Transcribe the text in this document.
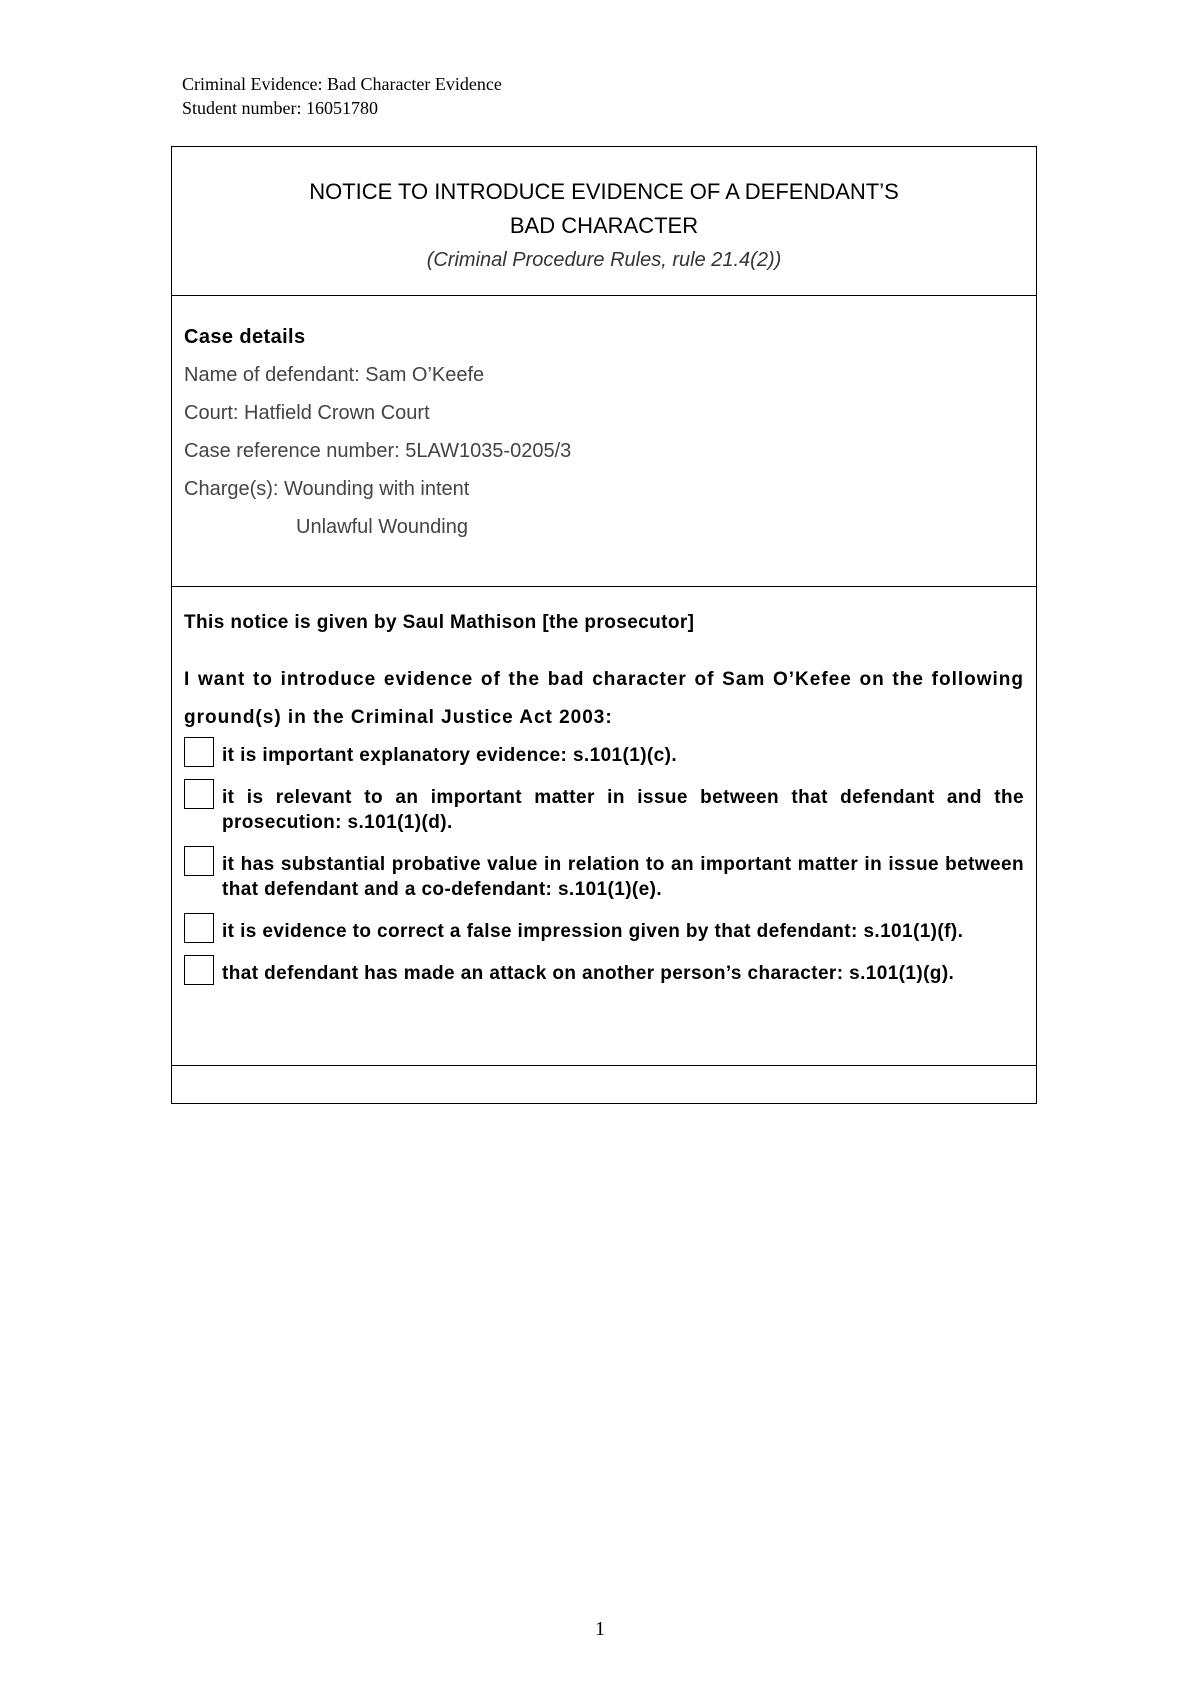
Criminal Evidence: Bad Character Evidence
Student number: 16051780
NOTICE TO INTRODUCE EVIDENCE OF A DEFENDANT’S
BAD CHARACTER
(Criminal Procedure Rules, rule 21.4(2))
Case details
Name of defendant: Sam O’Keefe
Court: Hatfield Crown Court
Case reference number: 5LAW1035-0205/3
Charge(s): Wounding with intent
Unlawful Wounding
This notice is given by Saul Mathison [the prosecutor]
I want to introduce evidence of the bad character of Sam O’Kefee on the following ground(s) in the Criminal Justice Act 2003:
it is important explanatory evidence: s.101(1)(c).
it is relevant to an important matter in issue between that defendant and the prosecution: s.101(1)(d).
it has substantial probative value in relation to an important matter in issue between that defendant and a co-defendant: s.101(1)(e).
it is evidence to correct a false impression given by that defendant: s.101(1)(f).
that defendant has made an attack on another person’s character: s.101(1)(g).
1
